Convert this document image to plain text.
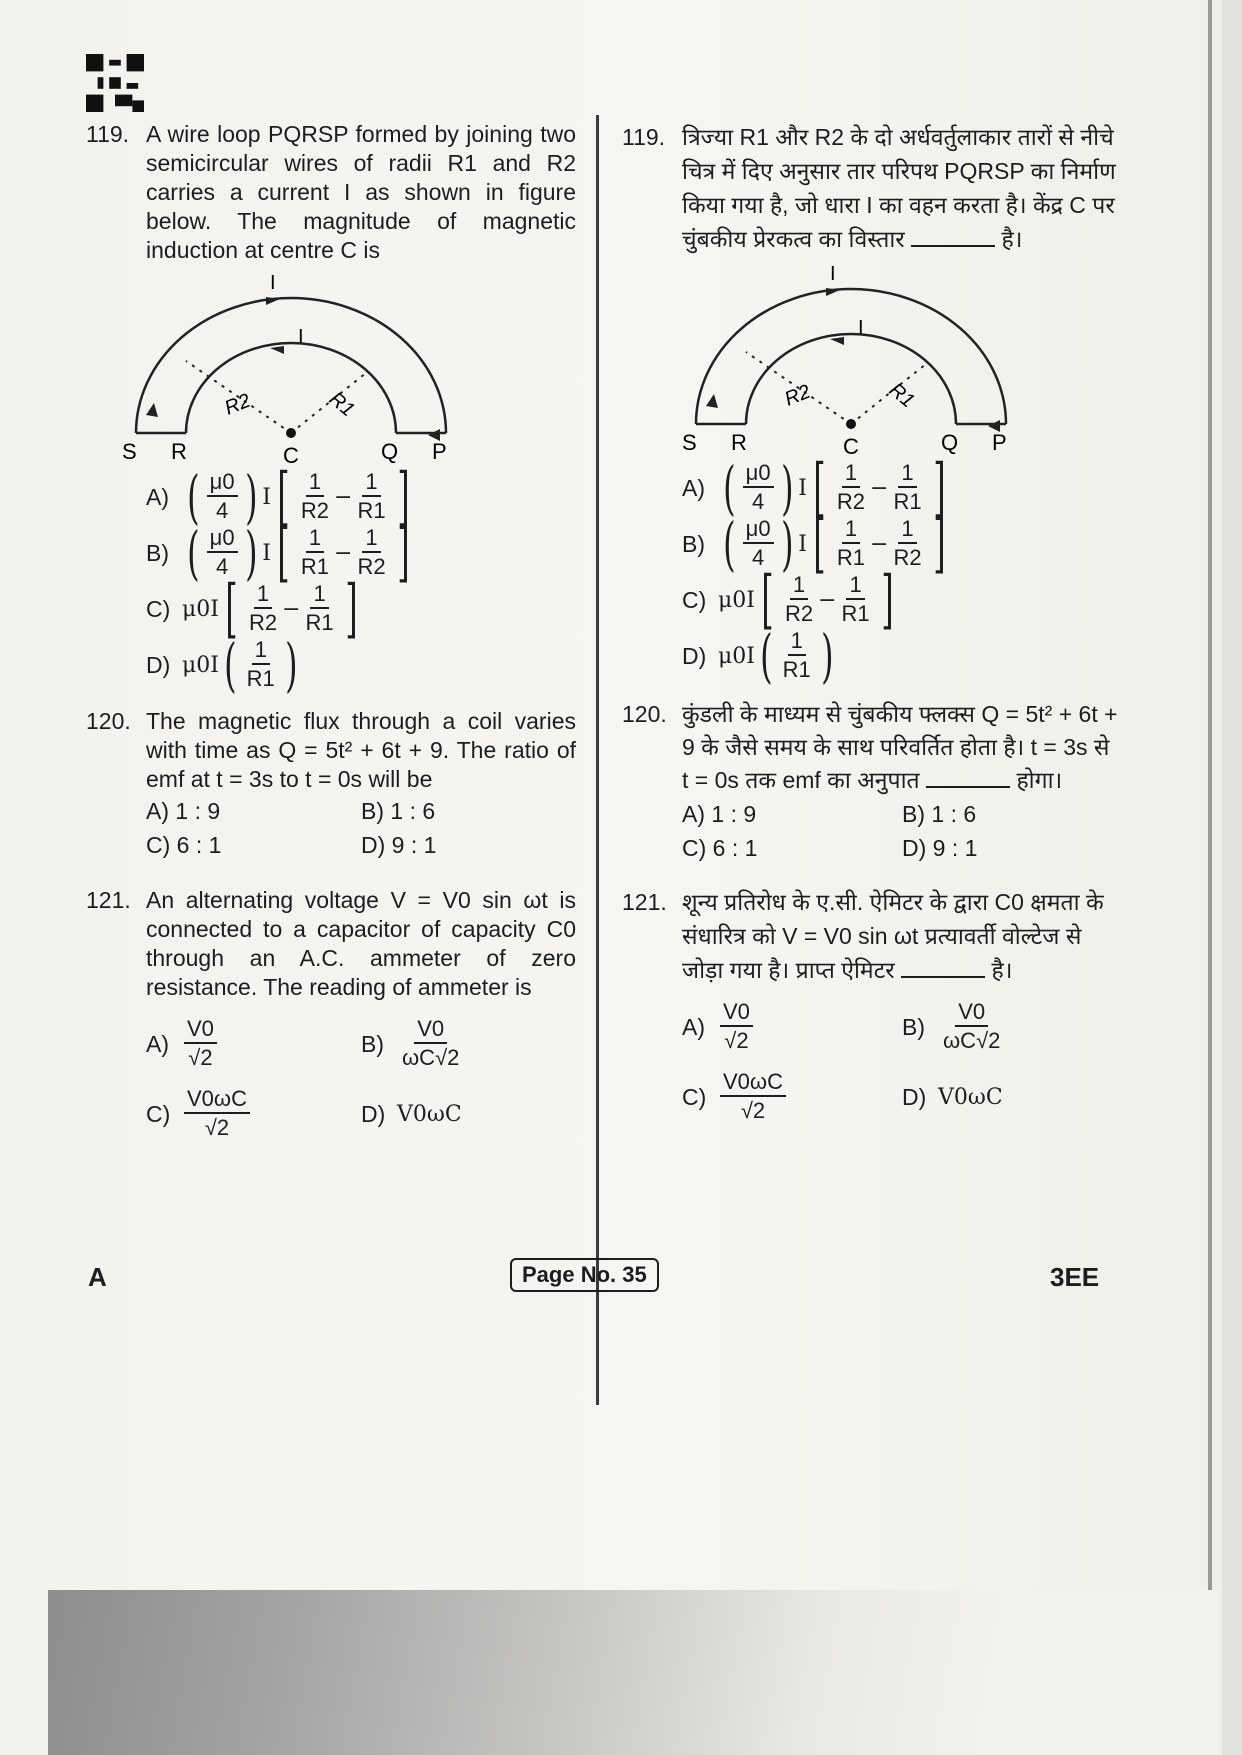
119. A wire loop PQRSP formed by joining two semicircular wires of radii R1 and R2 carries a current I as shown in figure below. The magnitude of magnetic induction at centre C is
I
I
S R	C	Q P
R2	R1
A) ( $\frac{\mu 0}{4}$ ) I [ $\frac{1}{R2} - \frac{1}{R1}$ ]
B) ( $\frac{\mu 0}{4}$ ) I [ $\frac{1}{R1} - \frac{1}{R2}$ ]
C) μ0I [ $\frac{1}{R2} - \frac{1}{R1}$ ]
D) μ0I ( $\frac{1}{R1}$ )
120. The magnetic flux through a coil varies with time as Q = 5t² + 6t + 9. The ratio of emf at t = 3s to t = 0s will be
A) 1 : 9	B) 1 : 6
C) 6 : 1	D) 9 : 1
121. An alternating voltage V = V0 sin ωt is connected to a capacitor of capacity C0 through an A.C. ammeter of zero resistance. The reading of ammeter is
$A) \frac{V0}{√2}$	$B) \frac{V0}{\omega C√2}$
$C) \frac{V0\omega C}{√2}$	D) V0ωC
119. त्रिज्या R1 और R2 के दो अर्धवर्तुलाकार तारों से नीचे चित्र में दिए अनुसार तार परिपथ PQRSP का निर्माण किया गया है, जो धारा I का वहन करता है। केंद्र C पर चुंबकीय प्रेरकत्व का विस्तार	है।
I
I
S R	C	Q P
R2	R1
A) ( $\frac{\mu 0}{4}$ ) I [ $\frac{1}{R2} - \frac{1}{R1}$ ]
B) ( $\frac{\mu 0}{4}$ ) I [ $\frac{1}{R1} - \frac{1}{R2}$ ]
C) μ0I [ $\frac{1}{R2} - \frac{1}{R1}$ ]
D) μ0I ( $\frac{1}{R1}$ )
120. कुंडली के माध्यम से चुंबकीय फ्लक्स Q = 5t² + 6t + 9 के जैसे समय के साथ परिवर्तित होता है। t = 3s से t = 0s तक emf का अनुपात	होगा।
A) 1 : 9	B) 1 : 6
C) 6 : 1	D) 9 : 1
121. शून्य प्रतिरोध के ए.सी. ऐमिटर के द्वारा C0 क्षमता के संधारित्र को V = V0 sin ωt प्रत्यावर्ती वोल्टेज से जोड़ा गया है। प्राप्त ऐमिटर	है।
$A) \frac{V0}{√2}$	$B) \frac{V0}{\omega C√2}$
$C) \frac{V0\omega C}{√2}$	D) V0ωC
A	Page No. 35	3EE
